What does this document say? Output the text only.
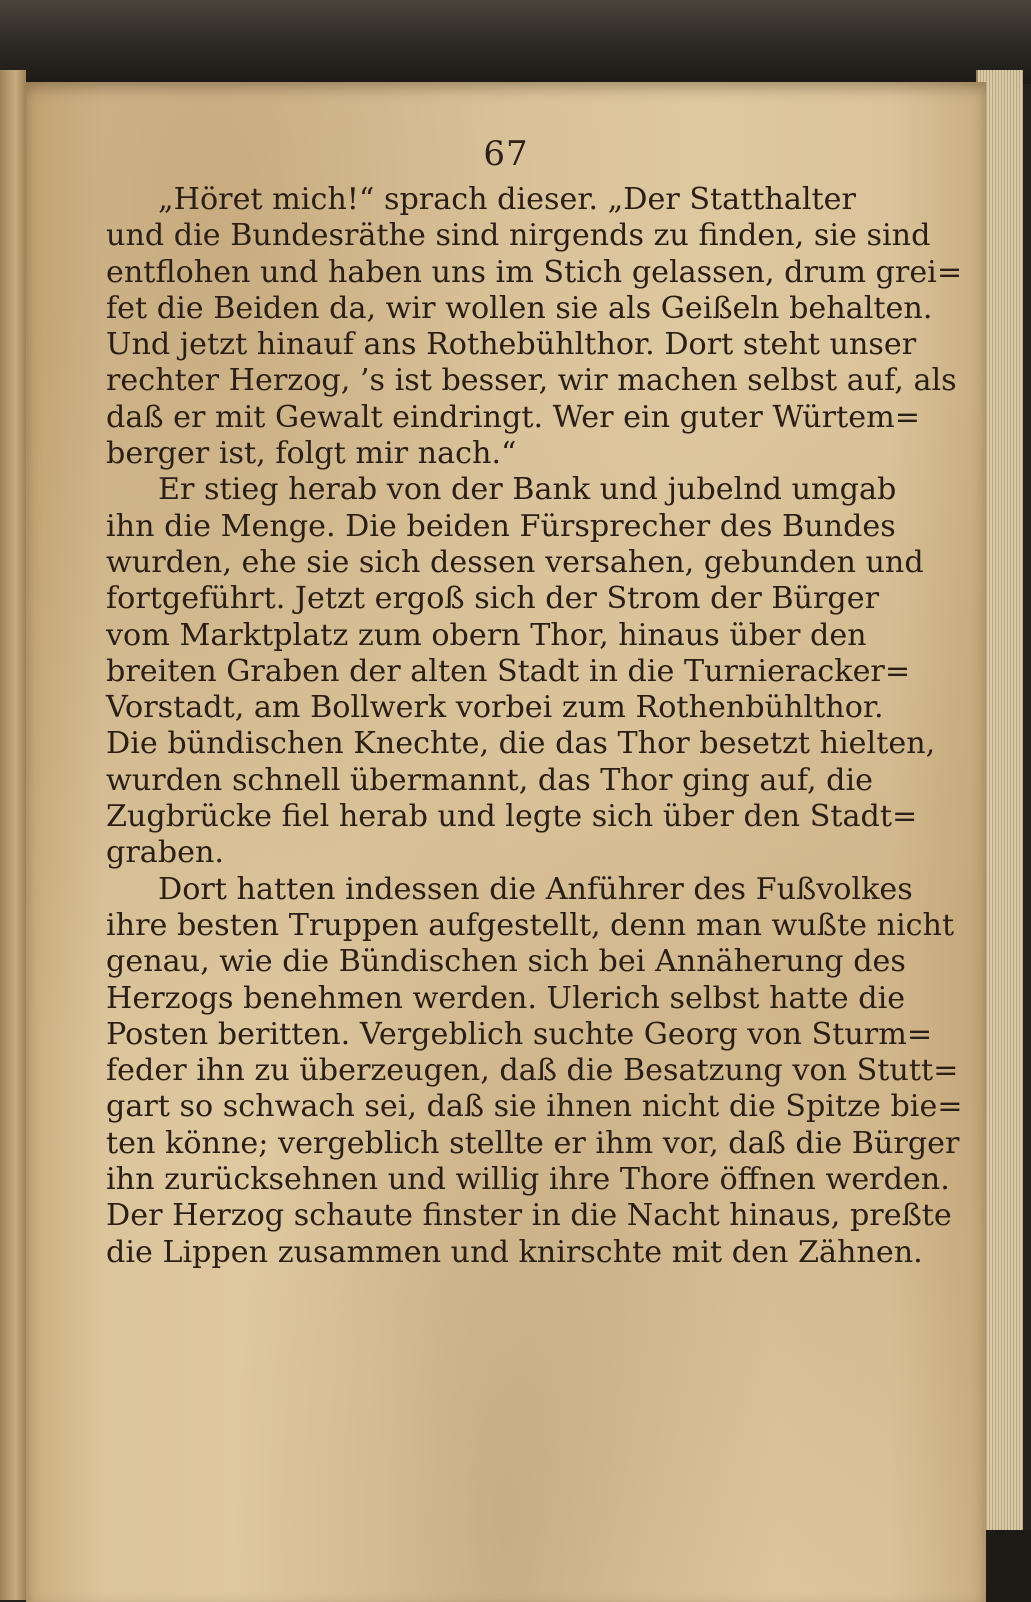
67
„Höret mich!“ sprach dieser. „Der Statthalter
und die Bundesräthe sind nirgends zu finden, sie sind
entflohen und haben uns im Stich gelassen, drum grei=
fet die Beiden da, wir wollen sie als Geißeln behalten.
Und jetzt hinauf ans Rothebühlthor. Dort steht unser
rechter Herzog, ’s ist besser, wir machen selbst auf, als
daß er mit Gewalt eindringt. Wer ein guter Würtem=
berger ist, folgt mir nach.“
Er stieg herab von der Bank und jubelnd umgab
ihn die Menge. Die beiden Fürsprecher des Bundes
wurden, ehe sie sich dessen versahen, gebunden und
fortgeführt. Jetzt ergoß sich der Strom der Bürger
vom Marktplatz zum obern Thor, hinaus über den
breiten Graben der alten Stadt in die Turnieracker=
Vorstadt, am Bollwerk vorbei zum Rothenbühlthor.
Die bündischen Knechte, die das Thor besetzt hielten,
wurden schnell übermannt, das Thor ging auf, die
Zugbrücke fiel herab und legte sich über den Stadt=
graben.
Dort hatten indessen die Anführer des Fußvolkes
ihre besten Truppen aufgestellt, denn man wußte nicht
genau, wie die Bündischen sich bei Annäherung des
Herzogs benehmen werden. Ulerich selbst hatte die
Posten beritten. Vergeblich suchte Georg von Sturm=
feder ihn zu überzeugen, daß die Besatzung von Stutt=
gart so schwach sei, daß sie ihnen nicht die Spitze bie=
ten könne; vergeblich stellte er ihm vor, daß die Bürger
ihn zurücksehnen und willig ihre Thore öffnen werden.
Der Herzog schaute finster in die Nacht hinaus, preßte
die Lippen zusammen und knirschte mit den Zähnen.
